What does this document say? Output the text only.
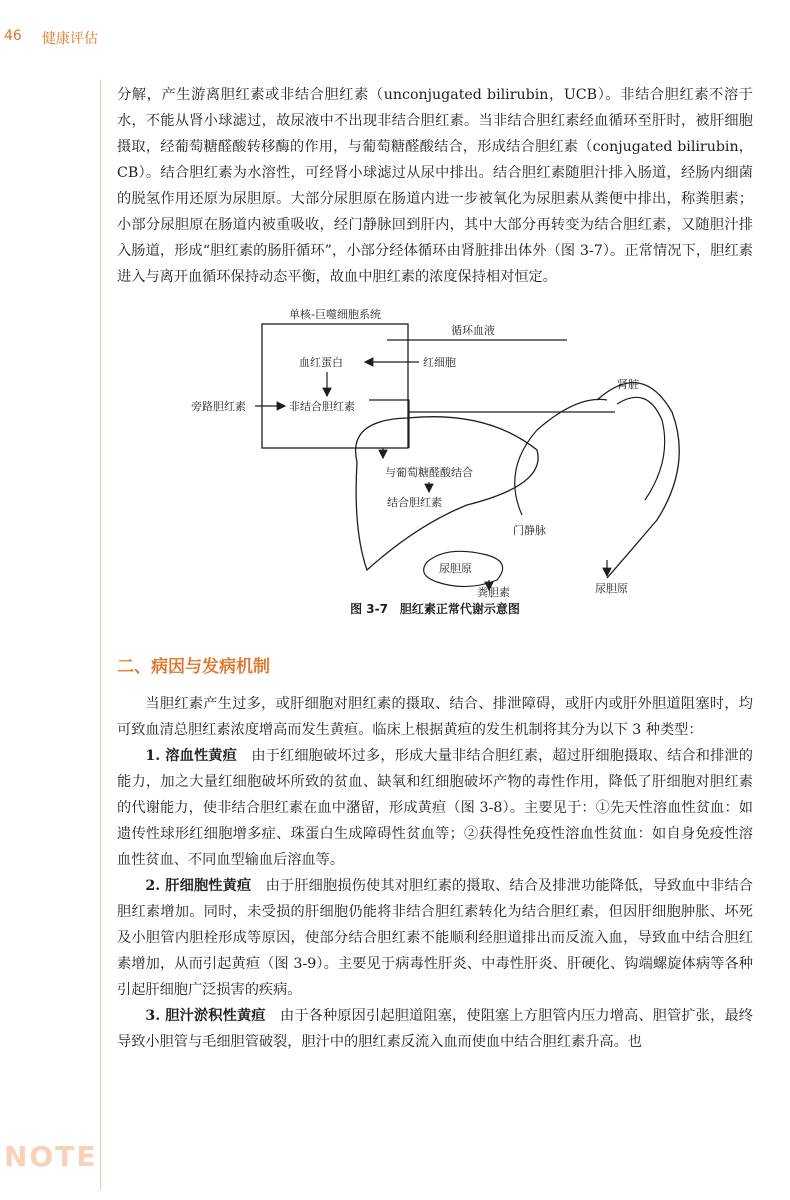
46 健康评估

分解，产生游离胆红素或非结合胆红素（unconjugated bilirubin，UCB）。非结合胆红素不溶于水，不能从肾小球滤过，故尿液中不出现非结合胆红素。当非结合胆红素经血循环至肝时，被肝细胞摄取，经葡萄糖醛酸转移酶的作用，与葡萄糖醛酸结合，形成结合胆红素（conjugated bilirubin，CB）。结合胆红素为水溶性，可经肾小球滤过从尿中排出。结合胆红素随胆汁排入肠道，经肠内细菌的脱氢作用还原为尿胆原。大部分尿胆原在肠道内进一步被氧化为尿胆素从粪便中排出，称粪胆素；小部分尿胆原在肠道内被重吸收，经门静脉回到肝内，其中大部分再转变为结合胆红素，又随胆汁排入肠道，形成“胆红素的肠肝循环”，小部分经体循环由肾脏排出体外（图 3-7）。正常情况下，胆红素进入与离开血循环保持动态平衡，故血中胆红素的浓度保持相对恒定。

单核-巨噬细胞系统
循环血液
血红蛋白	红细胞
旁路胆红素	非结合胆红素
肾脏
尿胆原
与葡萄糖醛酸结合
结合胆红素
门静脉
尿胆原
粪胆素
图 3-7　胆红素正常代谢示意图
二、病因与发病机制

当胆红素产生过多，或肝细胞对胆红素的摄取、结合、排泄障碍，或肝内或肝外胆道阻塞时，均可致血清总胆红素浓度增高而发生黄疸。临床上根据黄疸的发生机制将其分为以下 3 种类型：

1. 溶血性黄疸　 由于红细胞破坏过多，形成大量非结合胆红素，超过肝细胞摄取、结合和排泄的能力，加之大量红细胞破坏所致的贫血、缺氧和红细胞破坏产物的毒性作用，降低了肝细胞对胆红素的代谢能力，使非结合胆红素在血中潴留，形成黄疸（图 3-8）。主要见于：①先天性溶血性贫血：如遗传性球形红细胞增多症、珠蛋白生成障碍性贫血等；②获得性免疫性溶血性贫血：如自身免疫性溶血性贫血、不同血型输血后溶血等。

2. 肝细胞性黄疸　 由于肝细胞损伤使其对胆红素的摄取、结合及排泄功能降低，导致血中非结合胆红素增加。同时，未受损的肝细胞仍能将非结合胆红素转化为结合胆红素，但因肝细胞肿胀、坏死及小胆管内胆栓形成等原因，使部分结合胆红素不能顺利经胆道排出而反流入血，导致血中结合胆红素增加，从而引起黄疸（图 3-9）。主要见于病毒性肝炎、中毒性肝炎、肝硬化、钩端螺旋体病等各种引起肝细胞广泛损害的疾病。

3. 胆汁淤积性黄疸　 由于各种原因引起胆道阻塞，使阻塞上方胆管内压力增高、胆管扩张，最终导致小胆管与毛细胆管破裂，胆汁中的胆红素反流入血而使血中结合胆红素升高。也

NOTE
